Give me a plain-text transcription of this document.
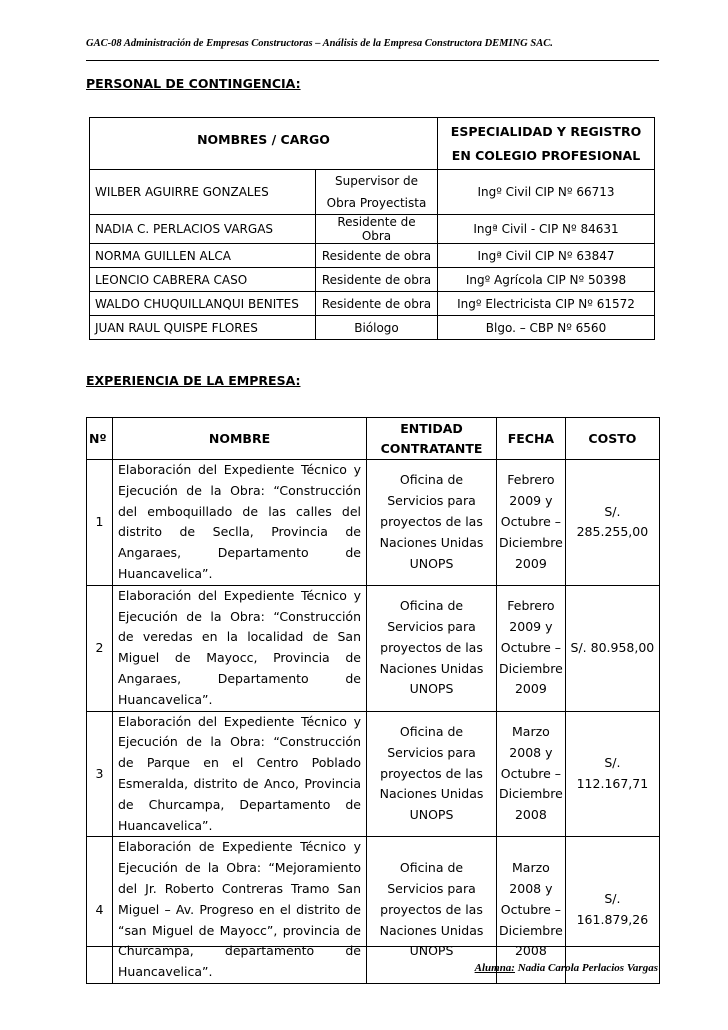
GAC-08 Administración de Empresas Constructoras – Análisis de la Empresa Constructora DEMING SAC.
PERSONAL DE CONTINGENCIA:
NOMBRES / CARGO		ESPECIALIDAD Y REGISTRO EN COLEGIO PROFESIONAL
WILBER AGUIRRE GONZALES	Supervisor de Obra Proyectista	Ingº Civil CIP Nº 66713
NADIA C. PERLACIOS VARGAS	Residente de Obra	Ingª Civil - CIP Nº 84631
NORMA GUILLEN ALCA	Residente de obra	Ingª Civil CIP Nº 63847
LEONCIO CABRERA CASO	Residente de obra	Ingº Agrícola CIP Nº 50398
WALDO CHUQUILLANQUI BENITES	Residente de obra	Ingº Electricista CIP Nº 61572
JUAN RAUL QUISPE FLORES	Biólogo	Blgo. – CBP Nº 6560
EXPERIENCIA DE LA EMPRESA:
Nº	NOMBRE	ENTIDAD CONTRATANTE	FECHA	COSTO
1	Elaboración del Expediente Técnico y Ejecución de la Obra: “Construcción del emboquillado de las calles del distrito de Seclla, Provincia de Angaraes, Departamento de Huancavelica”.	Oficina de Servicios para proyectos de las Naciones Unidas UNOPS	Febrero 2009 y Octubre – Diciembre 2009	S/. 285.255,00
2	Elaboración del Expediente Técnico y Ejecución de la Obra: “Construcción de veredas en la localidad de San Miguel de Mayocc, Provincia de Angaraes, Departamento de Huancavelica”.	Oficina de Servicios para proyectos de las Naciones Unidas UNOPS	Febrero 2009 y Octubre – Diciembre 2009	S/. 80.958,00
3	Elaboración del Expediente Técnico y Ejecución de la Obra: “Construcción de Parque en el Centro Poblado Esmeralda, distrito de Anco, Provincia de Churcampa, Departamento de Huancavelica”.	Oficina de Servicios para proyectos de las Naciones Unidas UNOPS	Marzo 2008 y Octubre – Diciembre 2008	S/. 112.167,71
4	Elaboración de Expediente Técnico y Ejecución de la Obra: “Mejoramiento del Jr. Roberto Contreras Tramo San Miguel – Av. Progreso en el distrito de “san Miguel de Mayocc”, provincia de Churcampa, departamento de Huancavelica”.	Oficina de Servicios para proyectos de las Naciones Unidas UNOPS	Marzo 2008 y Octubre – Diciembre 2008	S/. 161.879,26
Alumna: Nadia Carola Perlacios Vargas
